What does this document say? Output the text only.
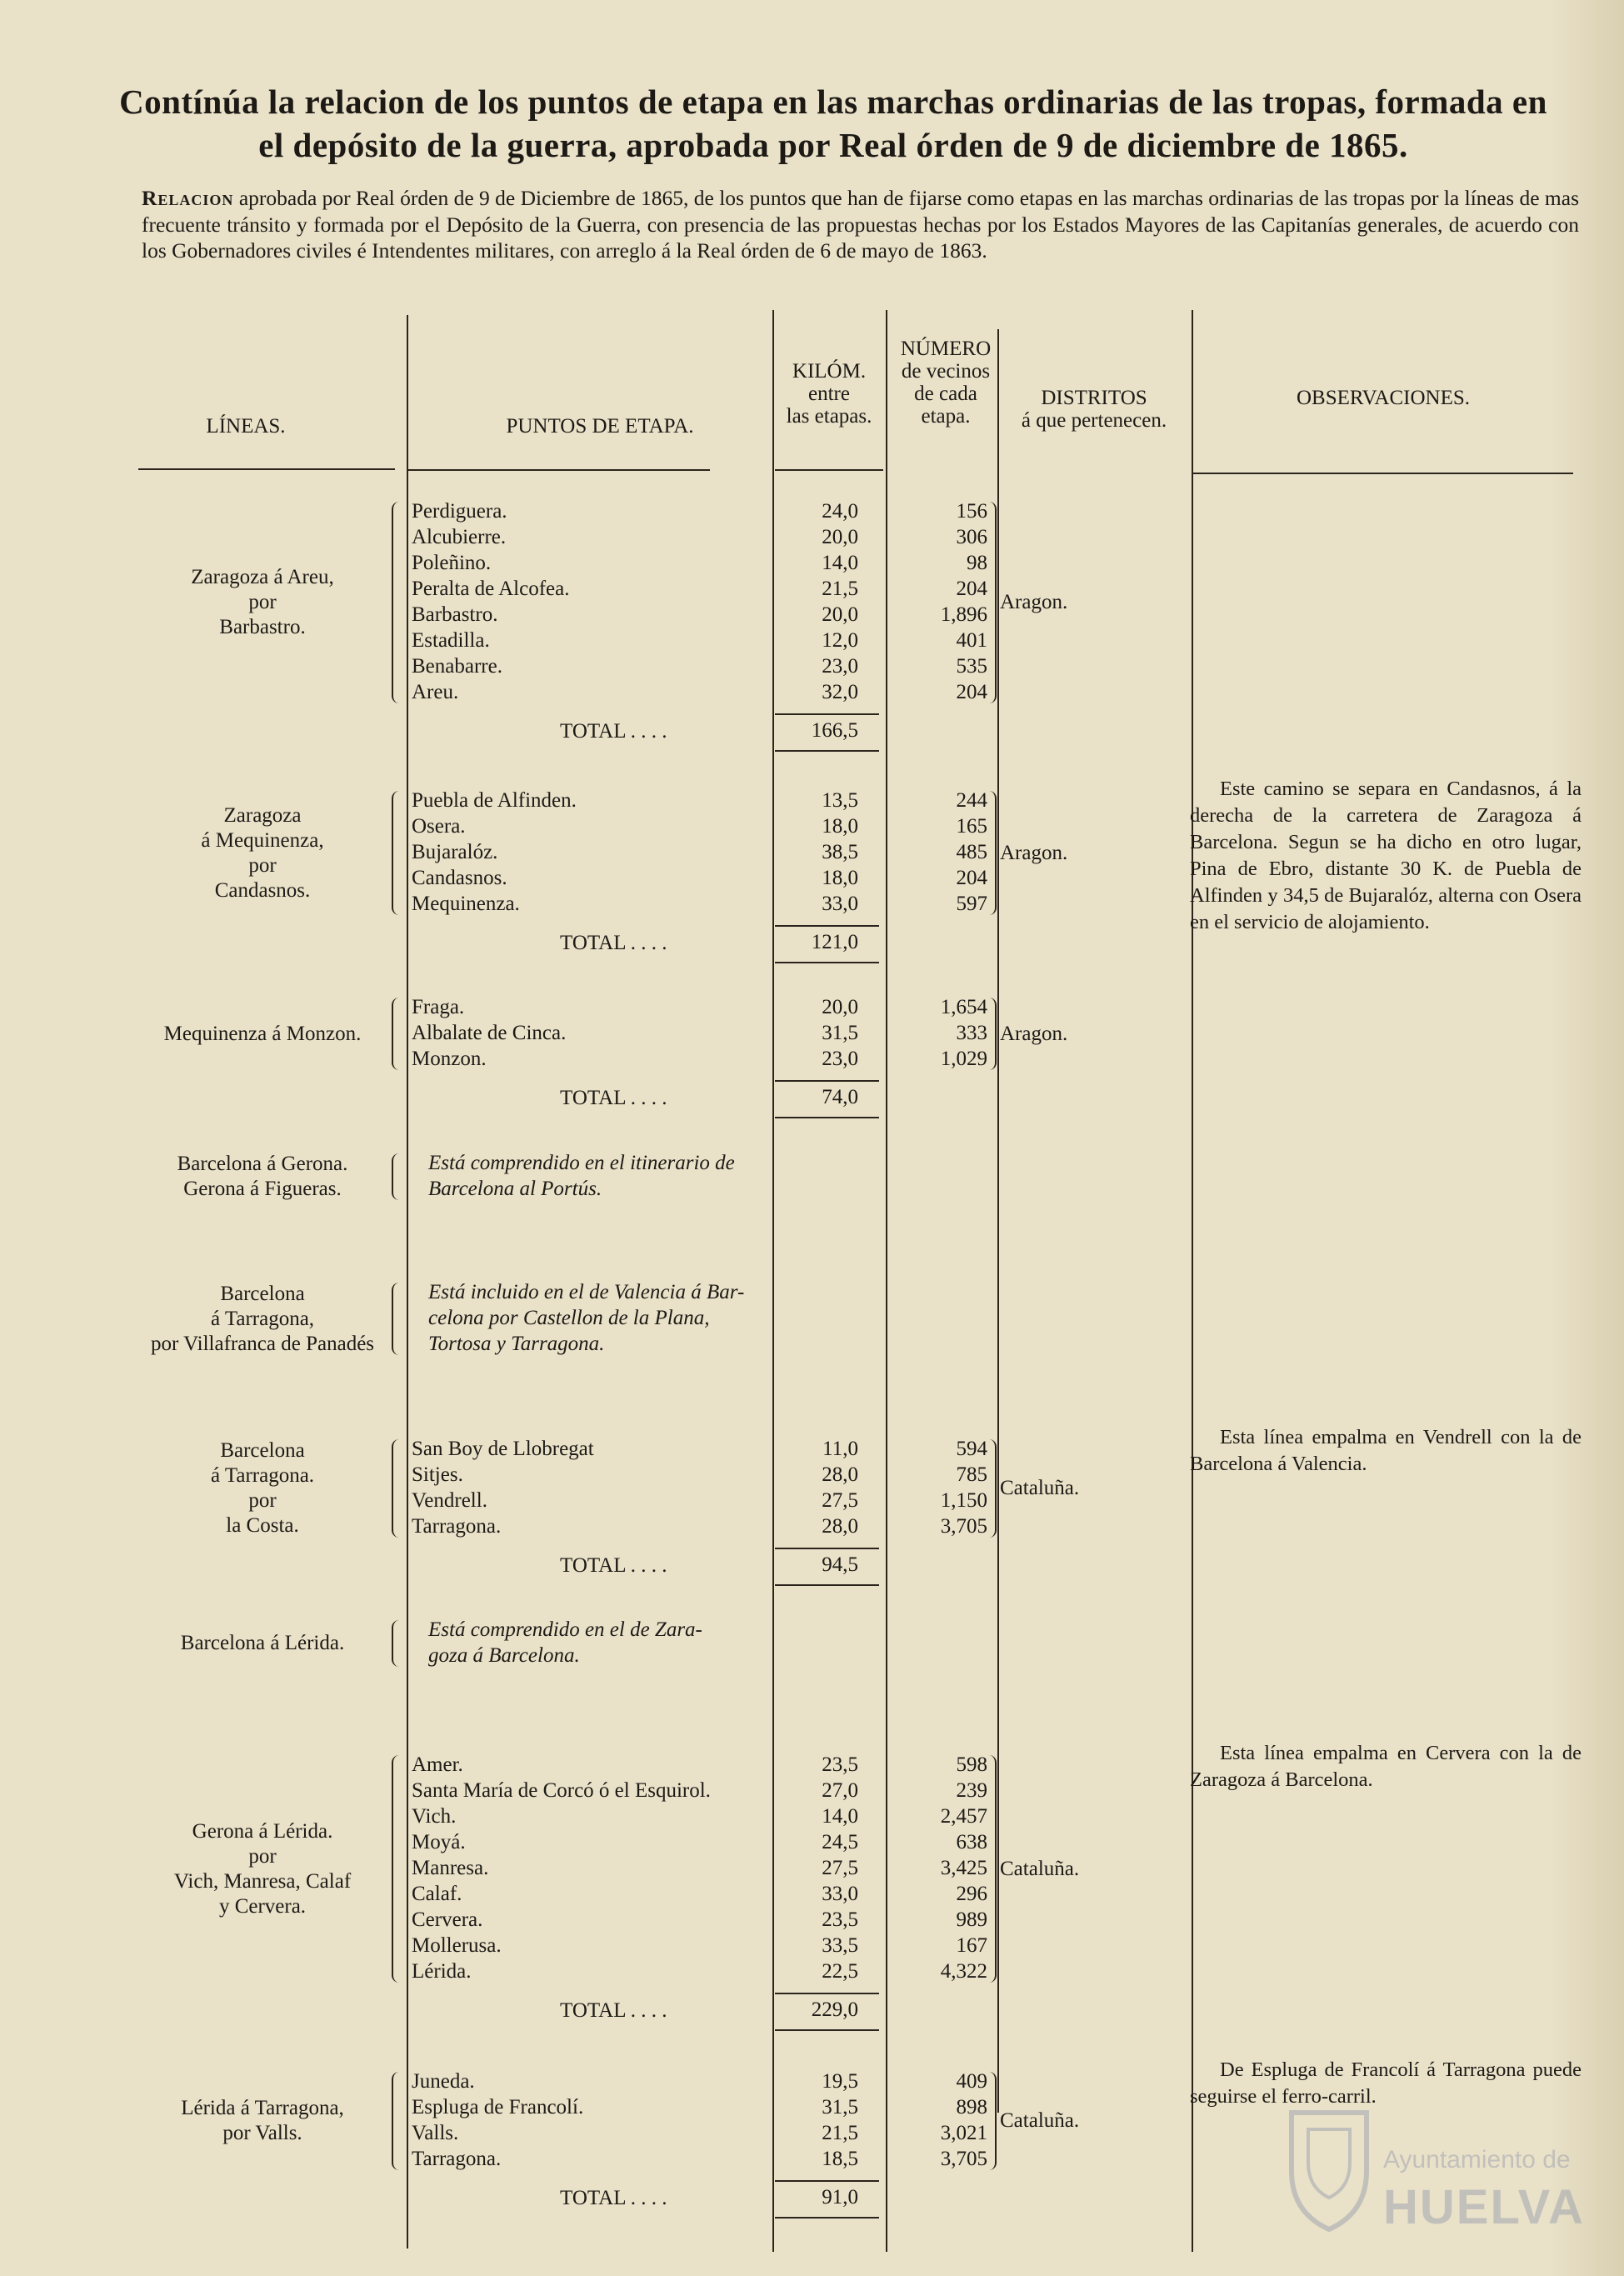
Contínúa la relacion de los puntos de etapa en las marchas ordinarias de las tropas, formada en
el depósito de la guerra, aprobada por Real órden de 9 de diciembre de 1865.
Relacion aprobada por Real órden de 9 de Diciembre de 1865, de los puntos que han de fijarse como etapas en las marchas ordinarias de las tropas por la líneas de mas frecuente tránsito y formada por el Depósito de la Guerra, con presencia de las propuestas hechas por los Estados Mayores de las Capitanías generales, de acuerdo con los Gobernadores civiles é Intendentes militares, con arreglo á la Real órden de 6 de mayo de 1863.
LÍNEAS.	PUNTOS DE ETAPA.
KILÓM.
entre
las etapas.
NÚMERO
de vecinos
de cada
etapa.
DISTRITOS
á que pertenecen.
OBSERVACIONES.
Zaragoza á Areu,
por
Barbastro.
Perdiguera.	24,0	156
Alcubierre.	20,0	306
Poleñino.	14,0	98
Peralta de Alcofea.	21,5	204
Barbastro.	20,0	1,896
Estadilla.	12,0	401
Benabarre.	23,0	535
Areu.	32,0	204
Aragon.
TOTAL . . . .	166,5
Zaragoza
á Mequinenza,
por
Candasnos.
Puebla de Alfinden.	13,5	244
Osera.	18,0	165
Bujaralóz.	38,5	485
Candasnos.	18,0	204
Mequinenza.	33,0	597
Aragon.
TOTAL . . . .	121,0
Este camino se separa en Candasnos, á la derecha de la carretera de Zaragoza á Barcelona. Segun se ha dicho en otro lugar, Pina de Ebro, distante 30 K. de Puebla de Alfinden y 34,5 de Bujaralóz, alterna con Osera en el servicio de alojamiento.
Mequinenza á Monzon.
Fraga.	20,0	1,654
Albalate de Cinca.	31,5	333
Monzon.	23,0	1,029
Aragon.
TOTAL . . . .	74,0
Barcelona á Gerona.
Gerona á Figueras.
Está comprendido en el itinerario de
Barcelona al Portús.
Barcelona
á Tarragona,
por Villafranca de Panadés
Está incluido en el de Valencia á Bar-
celona por Castellon de la Plana,
Tortosa y Tarragona.
Barcelona
á Tarragona.
por
la Costa.
San Boy de Llobregat	11,0	594
Sitjes.	28,0	785
Vendrell.	27,5	1,150
Tarragona.	28,0	3,705
Cataluña.
TOTAL . . . .	94,5
Esta línea empalma en Vendrell con la de Barcelona á Valencia.
Barcelona á Lérida.
Está comprendido en el de Zara-
goza á Barcelona.
Gerona á Lérida.
por
Vich, Manresa, Calaf
y Cervera.
Amer.	23,5	598
Santa María de Corcó ó el Esquirol.	27,0	239
Vich.	14,0	2,457
Moyá.	24,5	638
Manresa.	27,5	3,425
Calaf.	33,0	296
Cervera.	23,5	989
Mollerusa.	33,5	167
Lérida.	22,5	4,322
Cataluña.
TOTAL . . . .	229,0
Esta línea empalma en Cervera con la de Zaragoza á Barcelona.
Lérida á Tarragona,
por Valls.
Juneda.	19,5	409
Espluga de Francolí.	31,5	898
Valls.	21,5	3,021
Tarragona.	18,5	3,705
Cataluña.
TOTAL . . . .	91,0
De Espluga de Francolí á Tarragona puede seguirse el ferro-carril.
Ayuntamiento de
HUELVA
